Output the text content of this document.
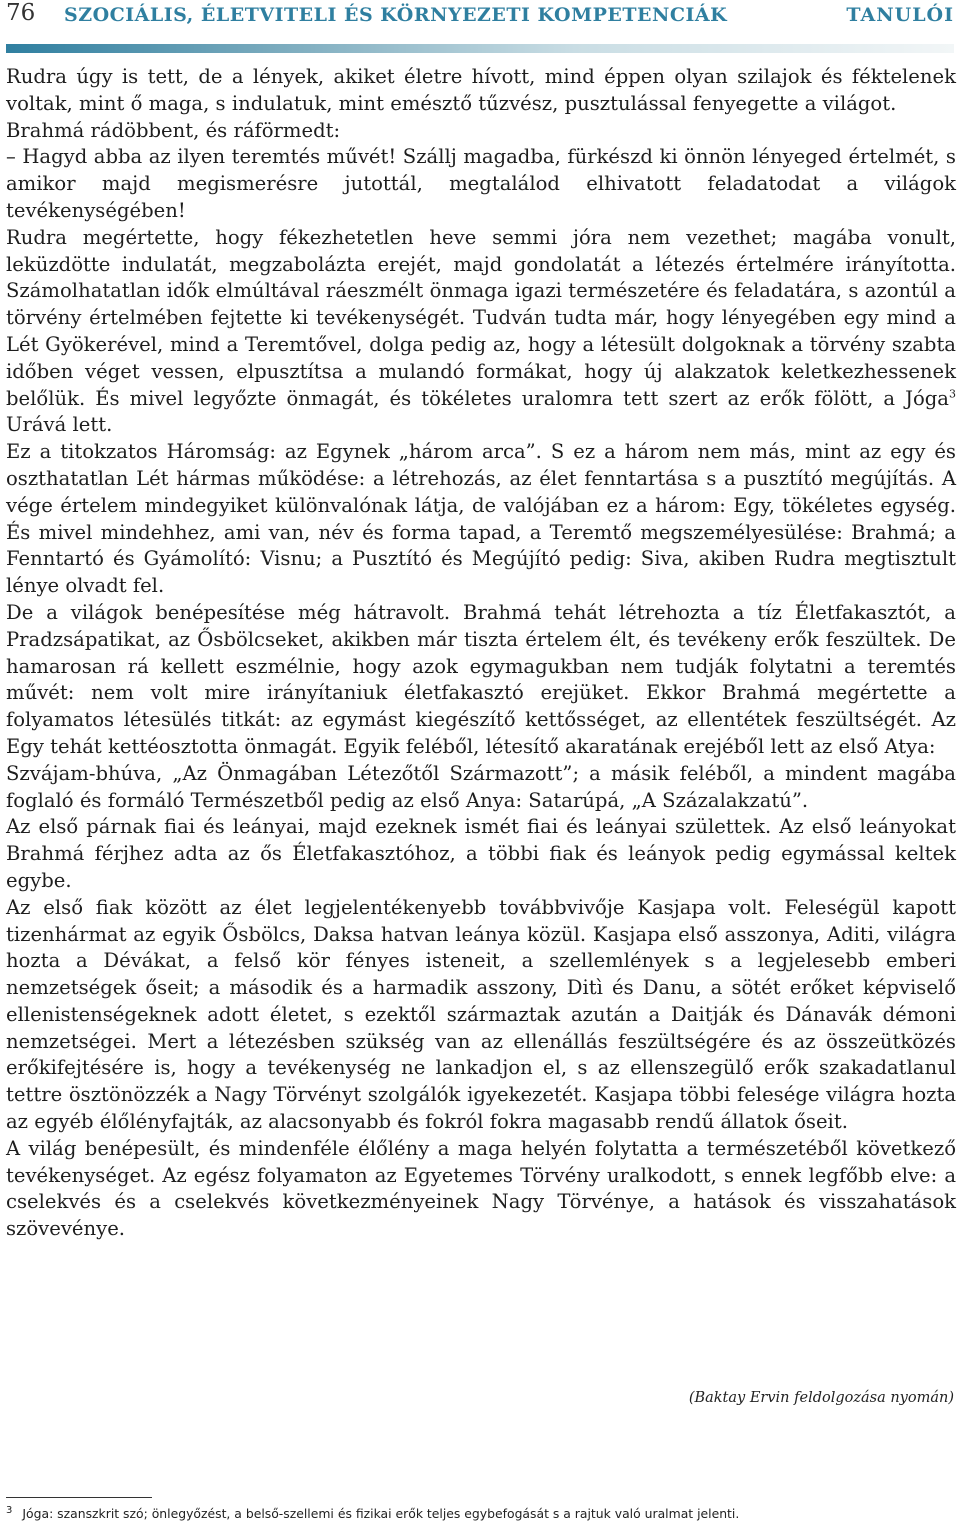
76 SZOCIÁLIS, ÉLETVITELI ÉS KÖRNYEZETI KOMPETENCIÁK	TANULÓI

Rudra úgy is tett, de a lények, akiket életre hívott, mind éppen olyan szilajok és féktelenek voltak, mint ő maga, s indulatuk, mint emésztő tűzvész, pusztulással fenyegette a világot.

Brahmá rádöbbent, és ráförmedt:

– Hagyd abba az ilyen teremtés művét! Szállj magadba, fürkészd ki önnön lényeged értelmét, s amikor majd megismerésre jutottál, megtalálod elhivatott feladatodat a világok tevékenységében!

Rudra megértette, hogy fékezhetetlen heve semmi jóra nem vezethet; magába vonult, leküzdötte indulatát, megzabolázta erejét, majd gondolatát a létezés értelmére irányította. Számolhatatlan idők elmúltával ráeszmélt önmaga igazi természetére és feladatára, s azontúl a törvény értelmében fejtette ki tevékenységét. Tudván tudta már, hogy lényegében egy mind a Lét Gyökerével, mind a Teremtővel, dolga pedig az, hogy a létesült dolgoknak a törvény szabta időben véget vessen, elpusztítsa a mulandó formákat, hogy új alakzatok keletkezhessenek belőlük. És mivel legyőzte önmagát, és tökéletes uralomra tett szert az erők fölött, a Jóga$^3$ Urává lett.

Ez a titokzatos Háromság: az Egynek „három arca”. S ez a három nem más, mint az egy és oszthatatlan Lét hármas működése: a létrehozás, az élet fenntartása s a pusztító megújítás. A vége értelem mindegyiket különvalónak látja, de valójában ez a három: Egy, tökéletes egység. És mivel mindehhez, ami van, név és forma tapad, a Teremtő megszemélyesülése: Brahmá; a Fenntartó és Gyámolító: Visnu; a Pusztító és Megújító pedig: Siva, akiben Rudra megtisztult lénye olvadt fel.

De a világok benépesítése még hátravolt. Brahmá tehát létrehozta a tíz Életfakasztót, a Pradzsápatikat, az Ősbölcseket, akikben már tiszta értelem élt, és tevékeny erők feszültek. De hamarosan rá kellett eszmélnie, hogy azok egymagukban nem tudják folytatni a teremtés művét: nem volt mire irányítaniuk életfakasztó erejüket. Ekkor Brahmá megértette a folyamatos létesülés titkát: az egymást kiegészítő kettősséget, az ellentétek feszültségét. Az Egy tehát kettéosztotta önmagát. Egyik feléből, létesítő akaratának erejéből lett az első Atya:

Szvájam-bhúva, „Az Önmagában Létezőtől Származott”; a másik feléből, a mindent magába foglaló és formáló Természetből pedig az első Anya: Satarúpá, „A Százalakzatú”.

Az első párnak fiai és leányai, majd ezeknek ismét fiai és leányai születtek. Az első leányokat Brahmá férjhez adta az ős Életfakasztóhoz, a többi fiak és leányok pedig egymással keltek egybe.

Az első fiak között az élet legjelentékenyebb továbbvivője Kasjapa volt. Feleségül kapott tizenhármat az egyik Ősbölcs, Daksa hatvan leánya közül. Kasjapa első asszonya, Aditi, világra hozta a Dévákat, a felső kör fényes isteneit, a szellemlények s a legjelesebb emberi nemzetségek őseit; a második és a harmadik asszony, Ditì és Danu, a sötét erőket képviselő ellenistenségeknek adott életet, s ezektől származtak azután a Daitják és Dánavák démoni nemzetségei. Mert a létezésben szükség van az ellenállás feszültségére és az összeütközés erőkifejtésére is, hogy a tevékenység ne lankadjon el, s az ellenszegülő erők szakadatlanul tettre ösztönözzék a Nagy Törvényt szolgálók igyekezetét. Kasjapa többi felesége világra hozta az egyéb élőlényfajták, az alacsonyabb és fokról fokra magasabb rendű állatok őseit.

A világ benépesült, és mindenféle élőlény a maga helyén folytatta a természetéből következő tevékenységet. Az egész folyamaton az Egyetemes Törvény uralkodott, s ennek legfőbb elve: a cselekvés és a cselekvés következményeinek Nagy Törvénye, a hatások és visszahatások szövevénye.

(Baktay Ervin feldolgozása nyomán)
$^3$ Jóga: szanszkrit szó; önlegyőzést, a belső-szellemi és fizikai erők teljes egybefogását s a rajtuk való uralmat jelenti.
